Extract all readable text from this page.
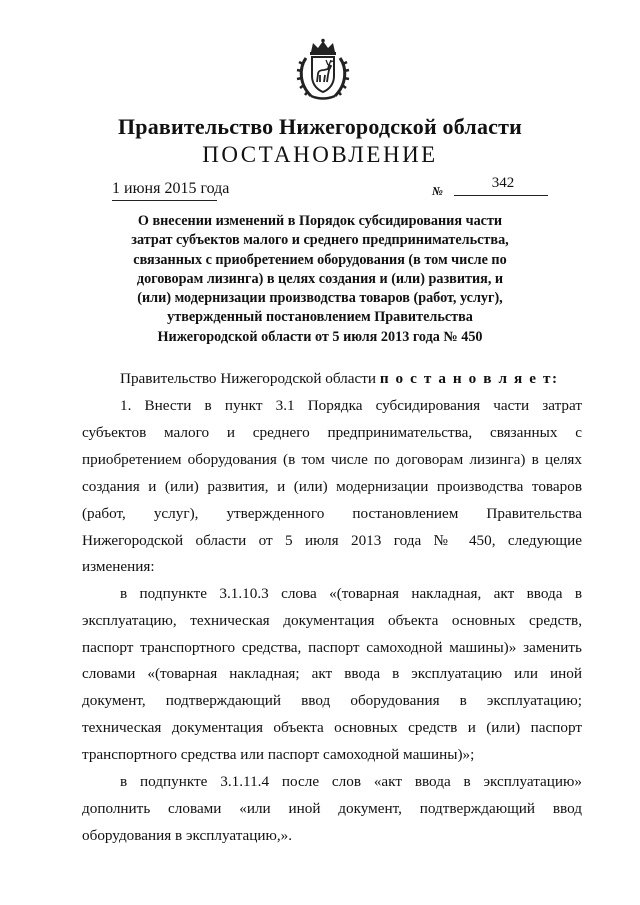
Правительство Нижегородской области
ПОСТАНОВЛЕНИЕ
1 июня 2015 года	№	342
О внесении изменений в Порядок субсидирования части
затрат субъектов малого и среднего предпринимательства,
связанных с приобретением оборудования (в том числе по
договорам лизинга) в целях создания и (или) развития, и
(или) модернизации производства товаров (работ, услуг),
утвержденный постановлением Правительства
Нижегородской области от 5 июля 2013 года № 450
Правительство Нижегородской области п о с т а н о в л я е т:
1. Внести в пункт 3.1 Порядка субсидирования части затрат
субъектов малого и среднего предпринимательства, связанных с
приобретением оборудования (в том числе по договорам лизинга) в целях
создания и (или) развития, и (или) модернизации производства товаров
(работ, услуг), утвержденного постановлением Правительства
Нижегородской области от 5 июля 2013 года № 450, следующие
изменения:
в подпункте 3.1.10.3 слова «(товарная накладная, акт ввода в
эксплуатацию, техническая документация объекта основных средств,
паспорт транспортного средства, паспорт самоходной машины)» заменить
словами «(товарная накладная; акт ввода в эксплуатацию или иной
документ, подтверждающий ввод оборудования в эксплуатацию;
техническая документация объекта основных средств и (или) паспорт
транспортного средства или паспорт самоходной машины)»;
в подпункте 3.1.11.4 после слов «акт ввода в эксплуатацию»
дополнить словами «или иной документ, подтверждающий ввод
оборудования в эксплуатацию,».
